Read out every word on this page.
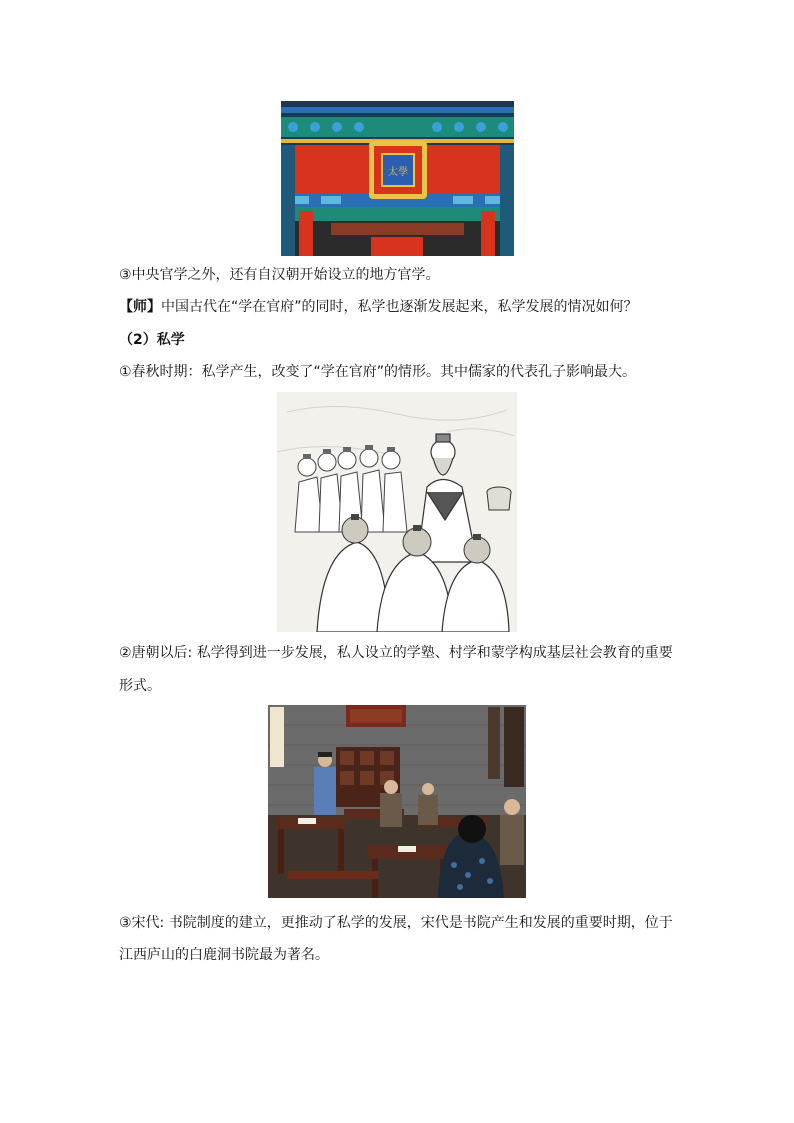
太學
③中央官学之外，还有自汉朝开始设立的地方官学。
【师】中国古代在“学在官府”的同时，私学也逐渐发展起来，私学发展的情况如何？
（2）私学
①春秋时期：私学产生，改变了“学在官府”的情形。其中儒家的代表孔子影响最大。
②唐朝以后: 私学得到进一步发展，私人设立的学塾、村学和蒙学构成基层社会教育的重要
形式。
③宋代: 书院制度的建立，更推动了私学的发展，宋代是书院产生和发展的重要时期，位于
江西庐山的白鹿洞书院最为著名。
